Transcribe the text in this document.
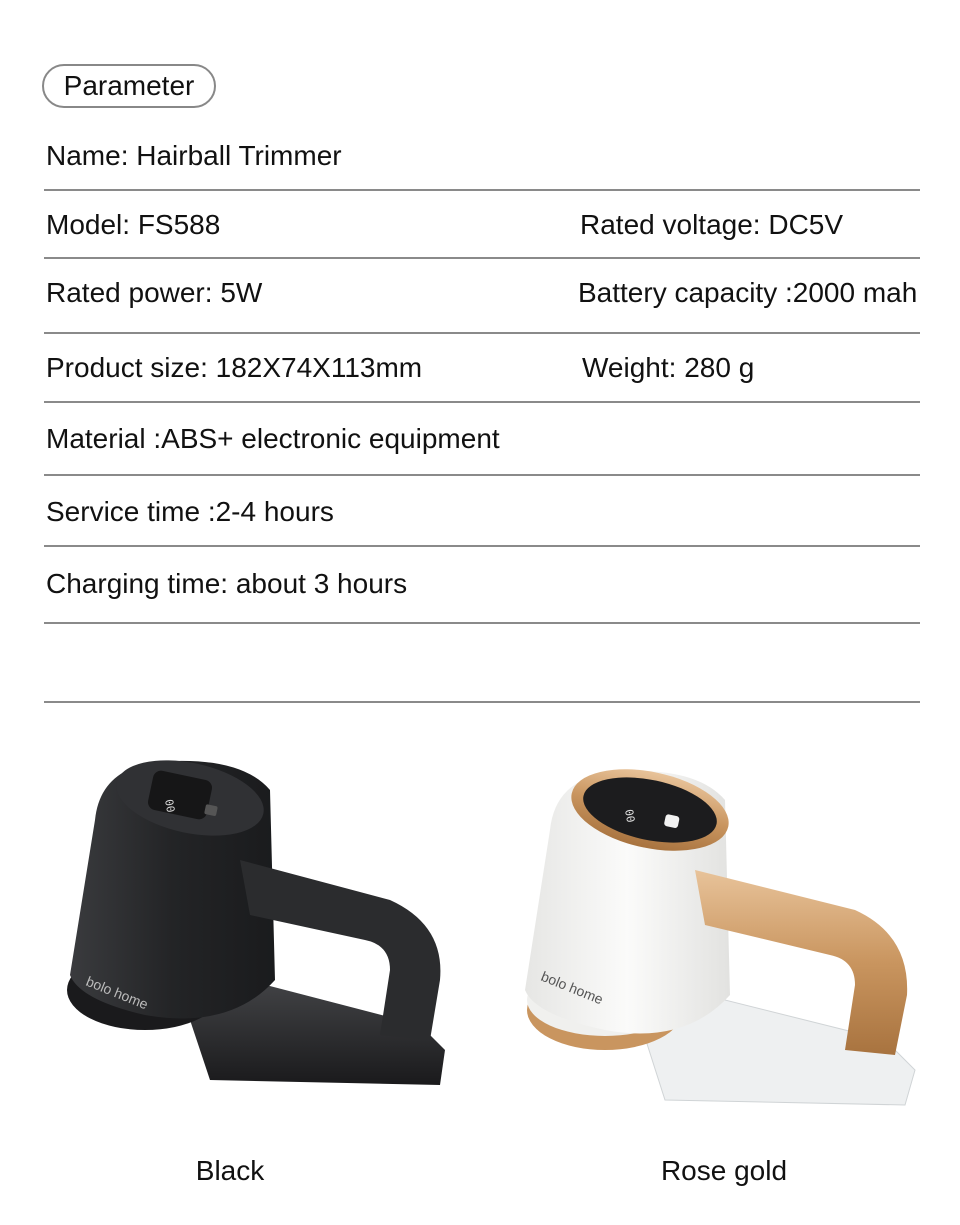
Parameter
Name: Hairball Trimmer
Model: FS588	Rated voltage: DC5V
Rated power: 5W	Battery capacity :2000 mah
Product size: 182X74X113mm	Weight: 280 g
Material :ABS+ electronic equipment
Service time :2-4 hours
Charging time: about 3 hours
00
bolo home
00
bolo home
Black	Rose gold
